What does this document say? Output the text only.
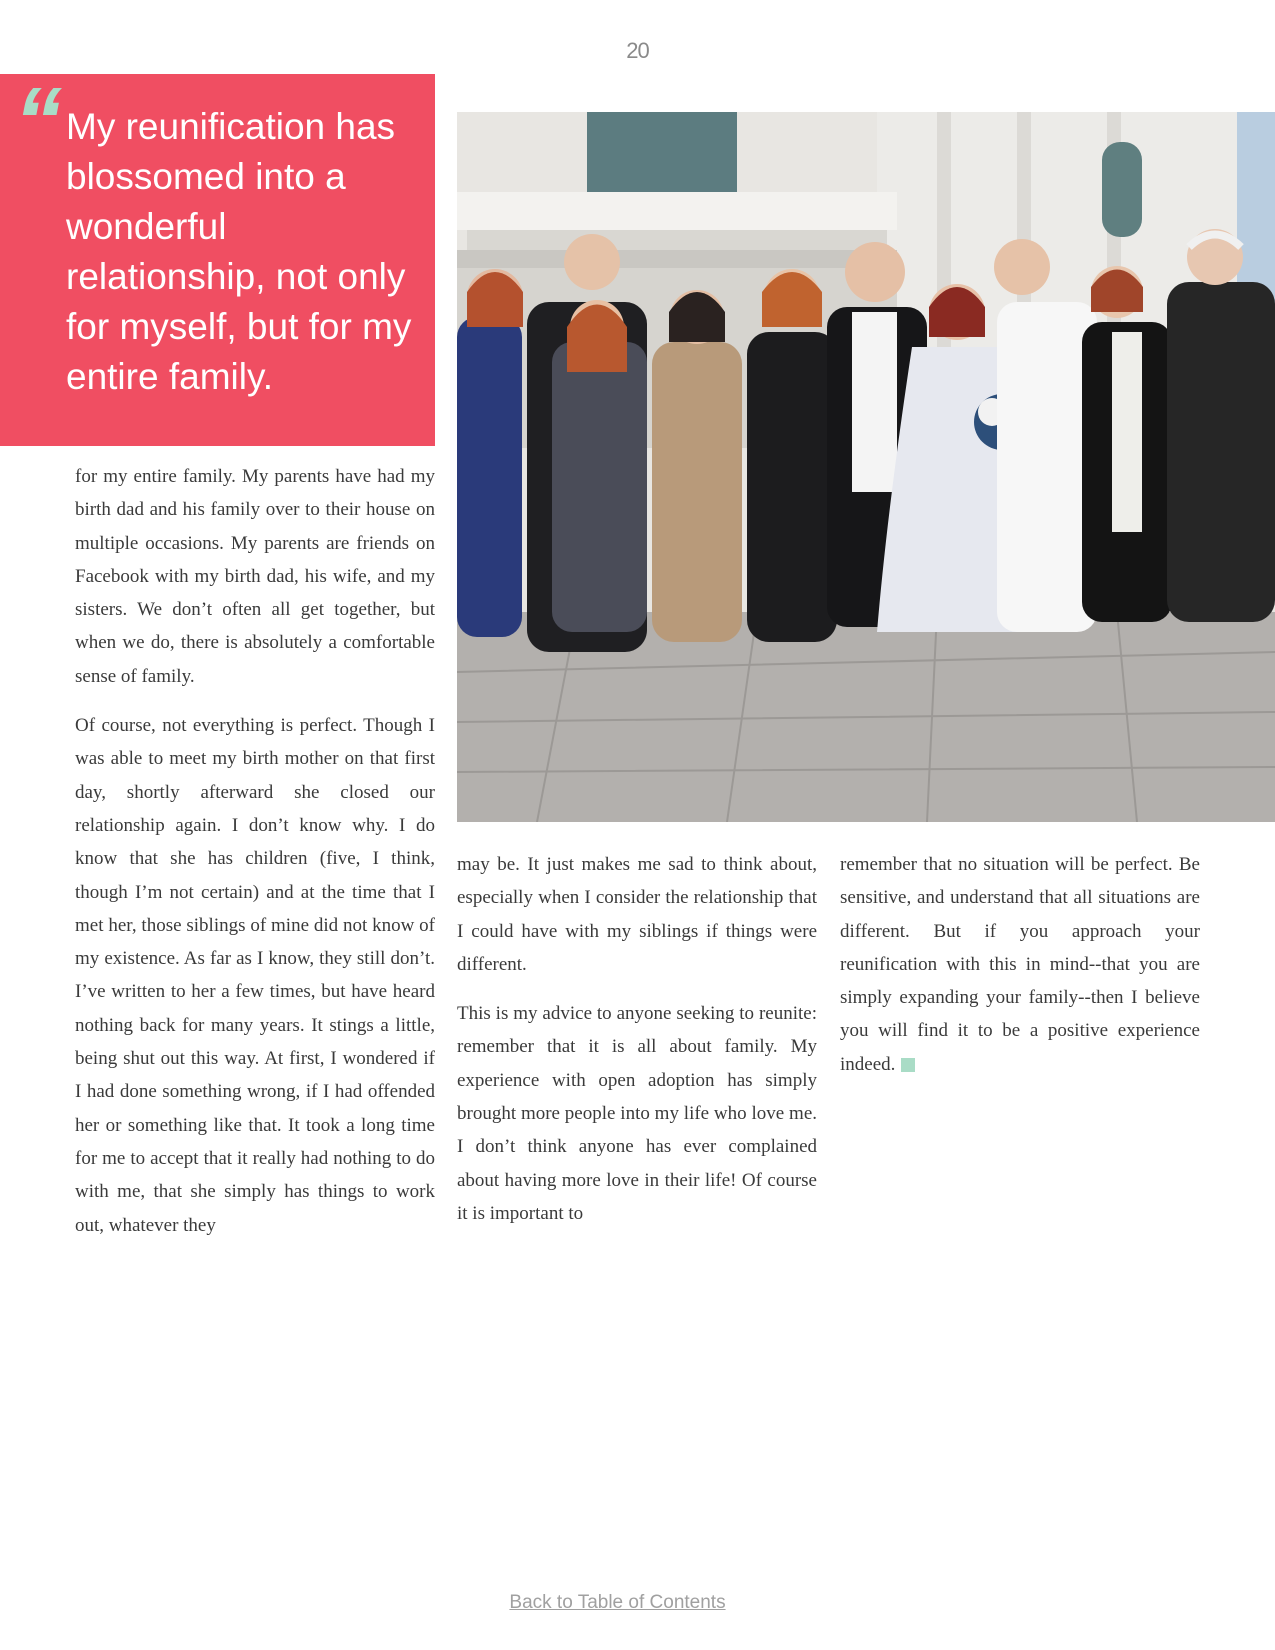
20
“ My reunification has blossomed into a wonderful relationship, not only for myself, but for my entire family.

for my entire family. My parents have had my birth dad and his family over to their house on multiple occasions. My parents are friends on Facebook with my birth dad, his wife, and my sisters. We don’t often all get together, but when we do, there is absolutely a comfortable sense of family.

Of course, not everything is perfect. Though I was able to meet my birth mother on that first day, shortly afterward she closed our relationship again. I don’t know why. I do know that she has children (five, I think, though I’m not certain) and at the time that I met her, those siblings of mine did not know of my existence. As far as I know, they still don’t. I’ve written to her a few times, but have heard nothing back for many years. It stings a little, being shut out this way. At first, I wondered if I had done something wrong, if I had offended her or something like that. It took a long time for me to accept that it really had nothing to do with me, that she simply has things to work out, whatever they

may be. It just makes me sad to think about, especially when I consider the relationship that I could have with my siblings if things were different.

This is my advice to anyone seeking to reunite: remember that it is all about family. My experience with open adoption has simply brought more people into my life who love me. I don’t think anyone has ever complained about having more love in their life! Of course it is important to

remember that no situation will be perfect. Be sensitive, and understand that all situations are different. But if you approach your reunification with this in mind--that you are simply expanding your family--then I believe you will find it to be a positive experience indeed.

Back to Table of Contents
